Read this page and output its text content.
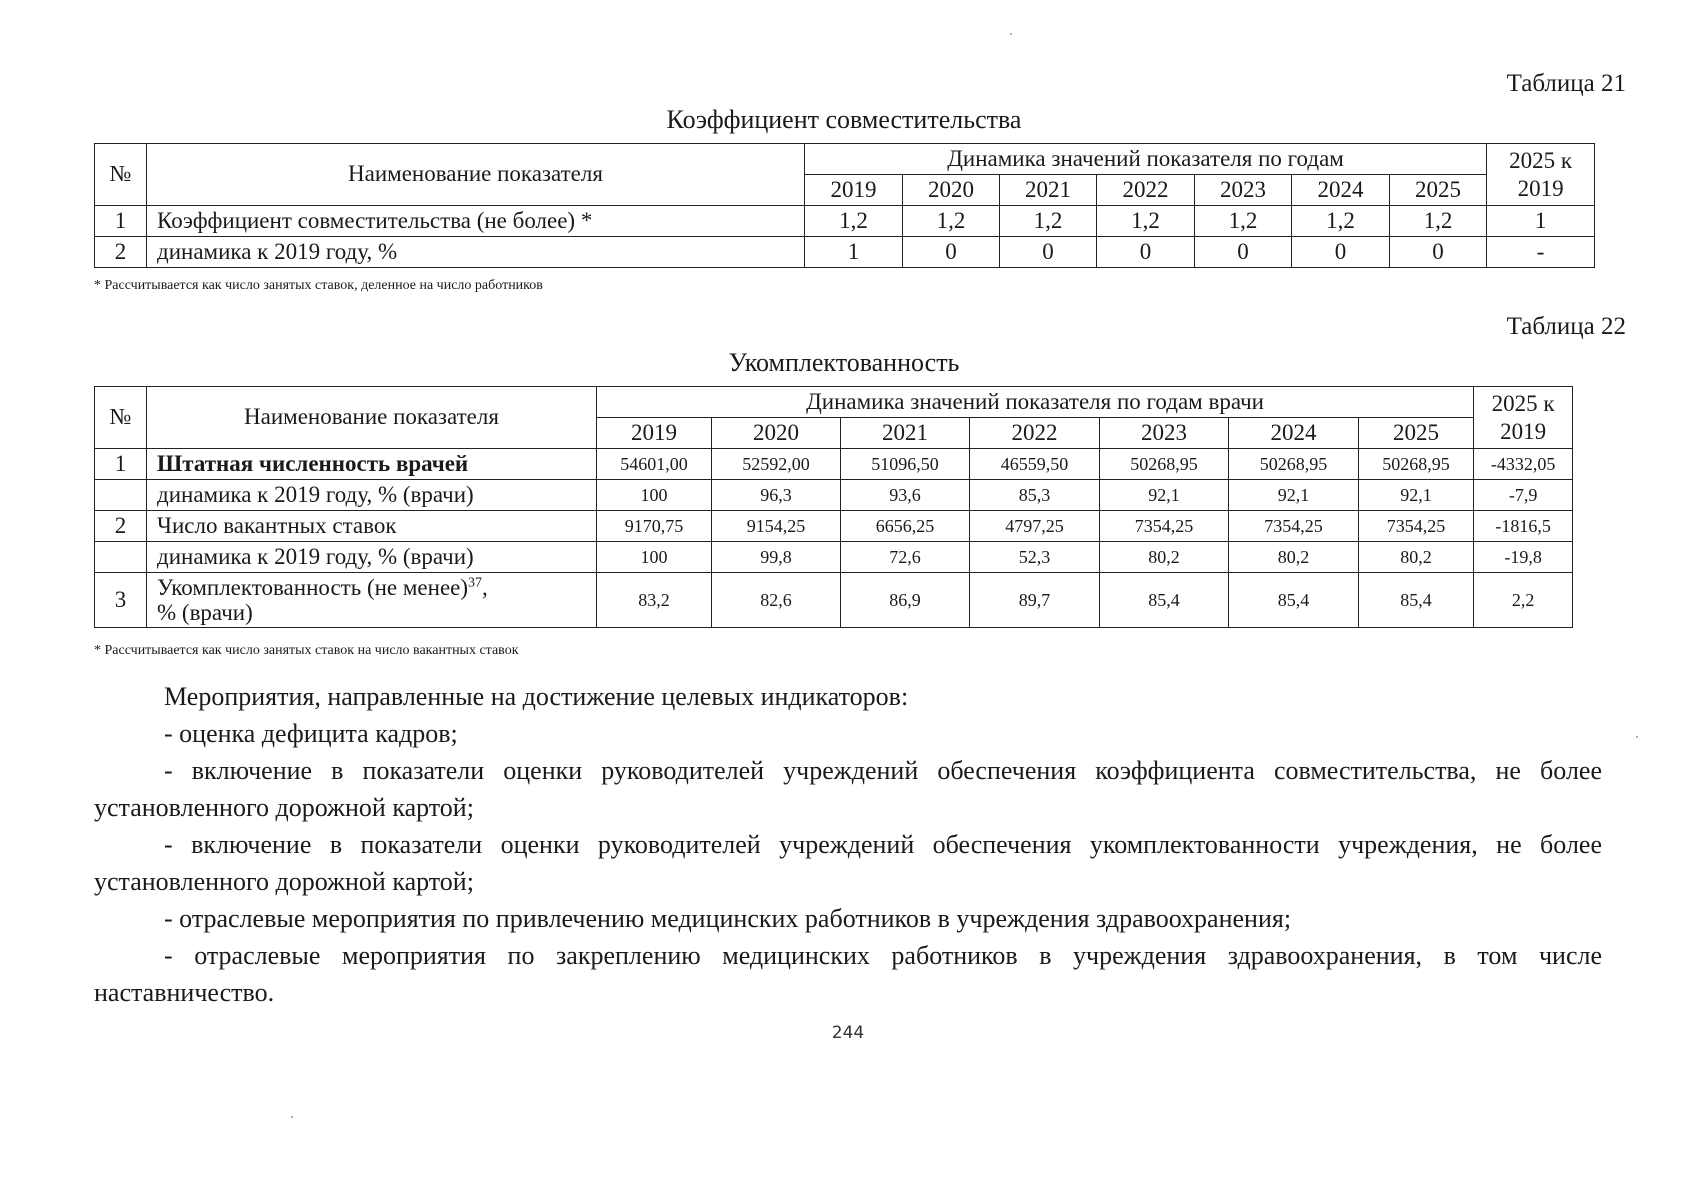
Таблица 21
Коэффициент совместительства
№	Наименование показателя	Динамика значений показателя по годам							2025 к 2019
		2019	2020	2021	2022	2023	2024	2025	
1	Коэффициент совместительства (не более) *	1,2	1,2	1,2	1,2	1,2	1,2	1,2	1
2	динамика к 2019 году, %	1	0	0	0	0	0	0	-
* Рассчитывается как число занятых ставок, деленное на число работников
Таблица 22
Укомплектованность
№	Наименование показателя	Динамика значений показателя по годам врачи							2025 к 2019
		2019	2020	2021	2022	2023	2024	2025	
1	Штатная численность врачей	54601,00	52592,00	51096,50	46559,50	50268,95	50268,95	50268,95	-4332,05
	динамика к 2019 году, % (врачи)	100	96,3	93,6	85,3	92,1	92,1	92,1	-7,9
2	Число вакантных ставок	9170,75	9154,25	6656,25	4797,25	7354,25	7354,25	7354,25	-1816,5
	динамика к 2019 году, % (врачи)	100	99,8	72,6	52,3	80,2	80,2	80,2	-19,8
3	Укомплектованность (не менее)$^{37}$,
% (врачи)	83,2	82,6	86,9	89,7	85,4	85,4	85,4	2,2
* Рассчитывается как число занятых ставок на число вакантных ставок

Мероприятия, направленные на достижение целевых индикаторов:

- оценка дефицита кадров;

- включение в показатели оценки руководителей учреждений обеспечения коэффициента совместительства, не более установленного дорожной картой;

- включение в показатели оценки руководителей учреждений обеспечения укомплектованности учреждения, не более установленного дорожной картой;

- отраслевые мероприятия по привлечению медицинских работников в учреждения здравоохранения;

- отраслевые мероприятия по закреплению медицинских работников в учреждения здравоохранения, в том числе наставничество.

244
